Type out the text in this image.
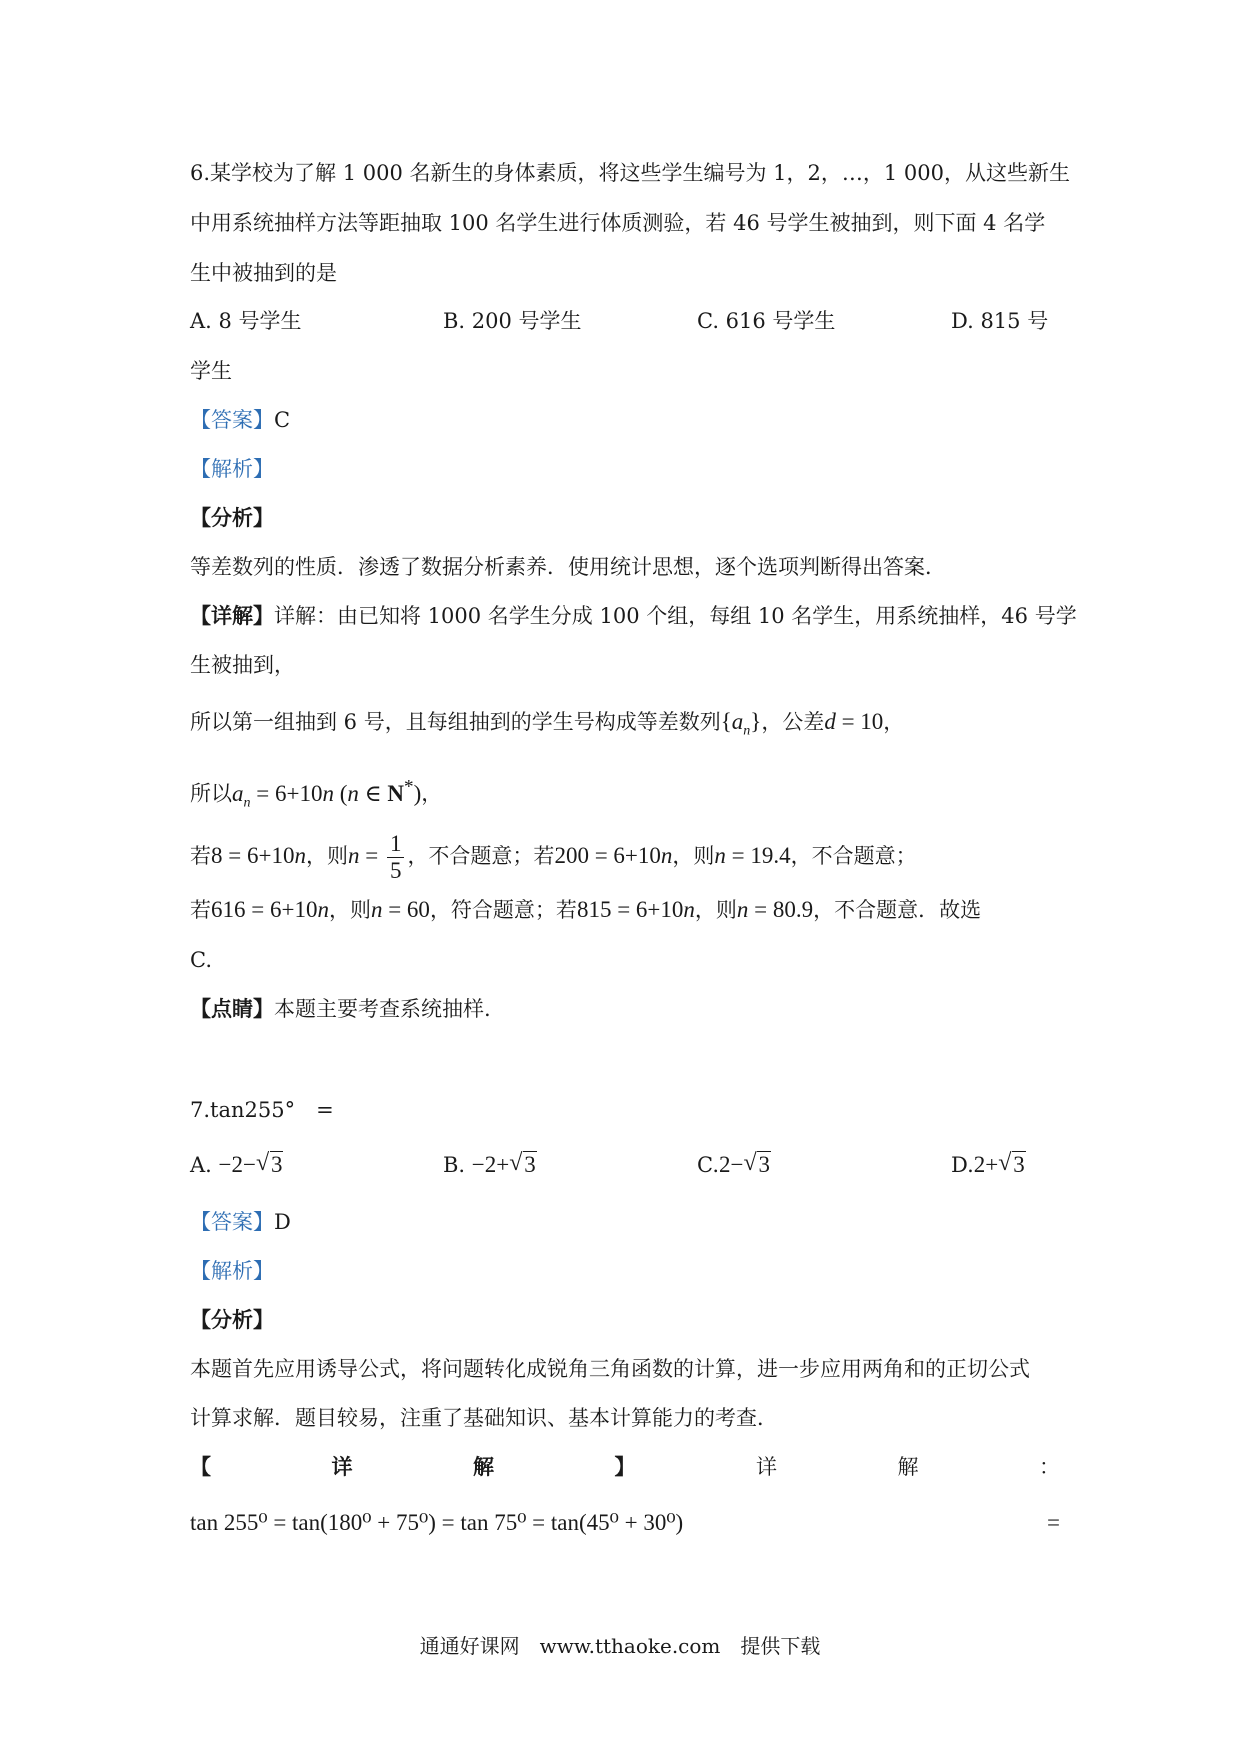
6.某学校为了解 1 000 名新生的身体素质，将这些学生编号为 1，2，…，1 000，从这些新生
中用系统抽样方法等距抽取 100 名学生进行体质测验，若 46 号学生被抽到，则下面 4 名学
生中被抽到的是
A. 8 号学生	B. 200 号学生	C. 616 号学生	D. 815 号
学生
【答案】C
【解析】
【分析】
等差数列的性质．渗透了数据分析素养．使用统计思想，逐个选项判断得出答案．
【详解】详解：由已知将 1000 名学生分成 100 个组，每组 10 名学生，用系统抽样，46 号学
生被抽到，
所以第一组抽到 6 号，且每组抽到的学生号构成等差数列$\{a_n\}$，公差d = 10，
所以$a_n = 6+10n$ (n ∈ N*)，
若8 = 6+10n，则$n = \frac{1}{5}$ ，不合题意；若200 = 6+10n，则n = 19.4，不合题意；
若616 = 6+10n，则n = 60，符合题意；若815 = 6+10n，则n = 80.9，不合题意．故选
C.
【点睛】本题主要考查系统抽样.
7.tan255°　=
A. −2− √ 3	B. −2+ √ 3	C.2− √ 3	D.2+ √ 3
【答案】D
【解析】
【分析】
本题首先应用诱导公式，将问题转化成锐角三角函数的计算，进一步应用两角和的正切公式
计算求解．题目较易，注重了基础知识、基本计算能力的考查．
【	详	解	】	详	解	：
tan 255⁰ = tan(180⁰ + 75⁰) = tan 75⁰ = tan(45⁰ + 30⁰)	=
通通好课网　www.tthaoke.com　提供下载
